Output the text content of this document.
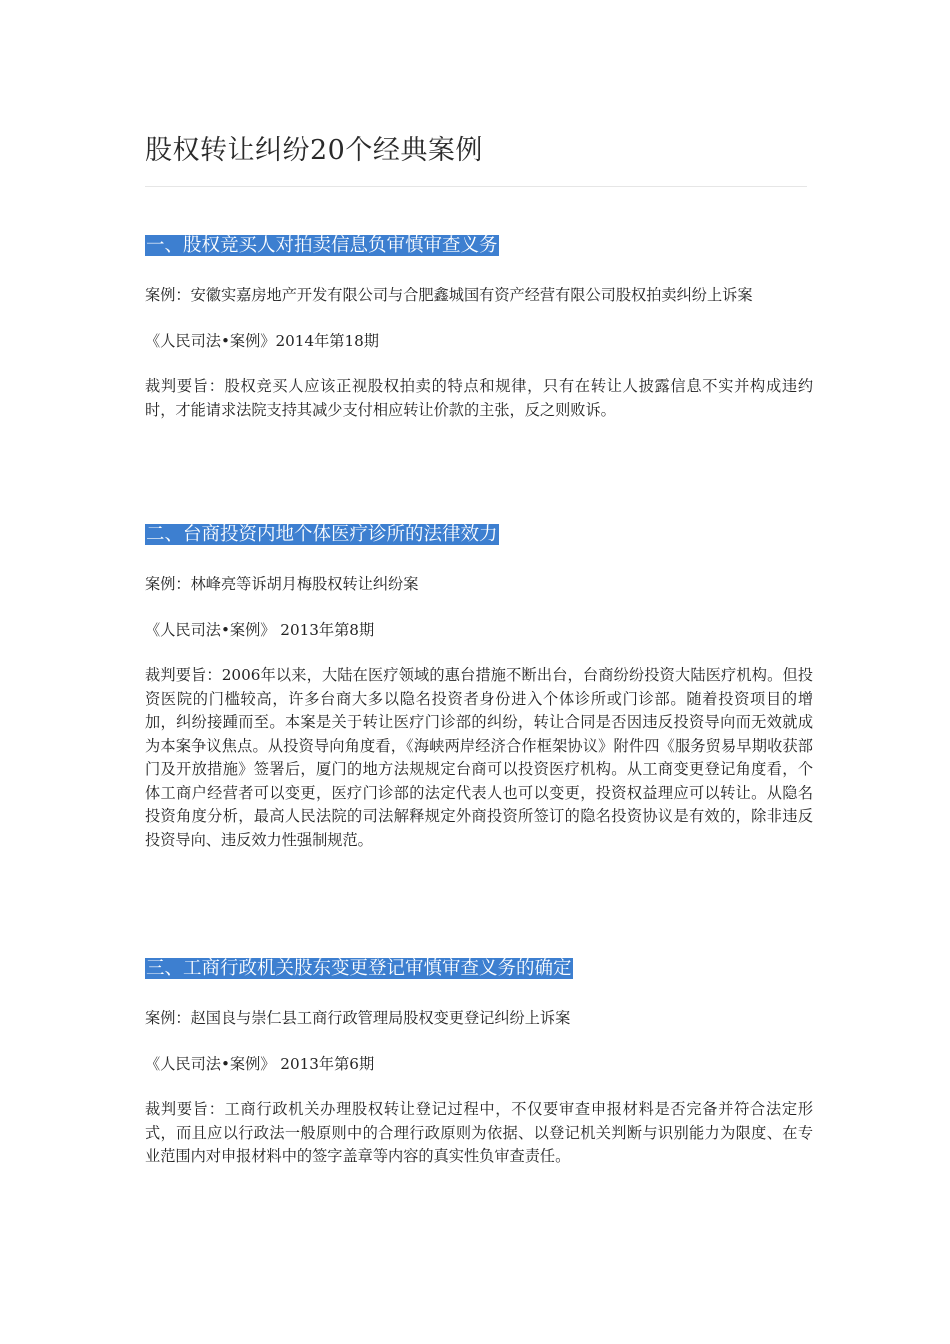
股权转让纠纷20个经典案例
一、股权竞买人对拍卖信息负审慎审查义务

案例：安徽实嘉房地产开发有限公司与合肥鑫城国有资产经营有限公司股权拍卖纠纷上诉案

《人民司法•案例》2014年第18期

裁判要旨：股权竞买人应该正视股权拍卖的特点和规律，只有在转让人披露信息不实并构成违约时，才能请求法院支持其减少支付相应转让价款的主张，反之则败诉。

二、台商投资内地个体医疗诊所的法律效力

案例：林峰亮等诉胡月梅股权转让纠纷案

《人民司法•案例》 2013年第8期

裁判要旨：2006年以来，大陆在医疗领域的惠台措施不断出台，台商纷纷投资大陆医疗机构。但投资医院的门槛较高，许多台商大多以隐名投资者身份进入个体诊所或门诊部。随着投资项目的增加，纠纷接踵而至。本案是关于转让医疗门诊部的纠纷，转让合同是否因违反投资导向而无效就成为本案争议焦点。从投资导向角度看，《海峡两岸经济合作框架协议》附件四《服务贸易早期收获部门及开放措施》签署后，厦门的地方法规规定台商可以投资医疗机构。从工商变更登记角度看，个体工商户经营者可以变更，医疗门诊部的法定代表人也可以变更，投资权益理应可以转让。从隐名投资角度分析，最高人民法院的司法解释规定外商投资所签订的隐名投资协议是有效的，除非违反投资导向、违反效力性强制规范。

三、工商行政机关股东变更登记审慎审查义务的确定

案例：赵国良与崇仁县工商行政管理局股权变更登记纠纷上诉案

《人民司法•案例》 2013年第6期

裁判要旨：工商行政机关办理股权转让登记过程中，不仅要审查申报材料是否完备并符合法定形式，而且应以行政法一般原则中的合理行政原则为依据、以登记机关判断与识别能力为限度、在专业范围内对申报材料中的签字盖章等内容的真实性负审查责任。
